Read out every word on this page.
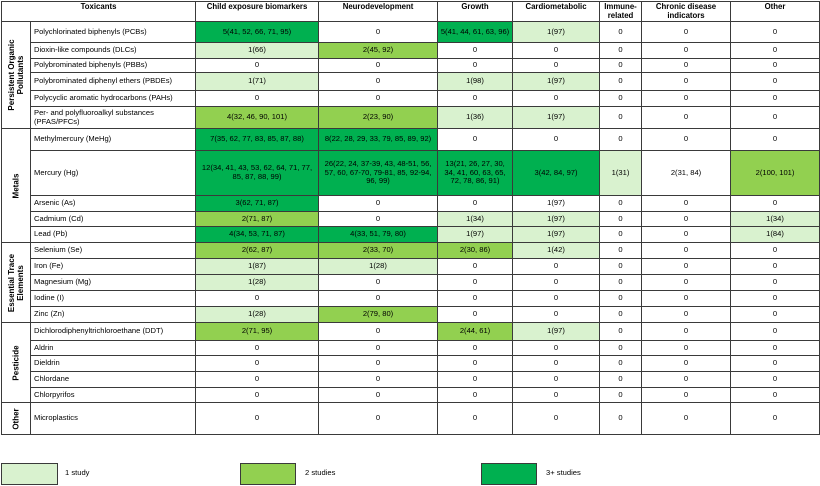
Toxicants		Child exposure biomarkers	Neurodevelopment	Growth	Cardiometabolic	Immune-related	Chronic disease indicators	Other

Persistent Organic Pollutants	Polychlorinated biphenyls (PCBs)	5(41, 52, 66, 71, 95)	0	5(41, 44, 61, 63, 96)	1(97)	0	0	0
	Dioxin-like compounds (DLCs)	1(66)	2(45, 92)	0	0	0	0	0
	Polybrominated biphenyls (PBBs)	0	0	0	0	0	0	0
	Polybrominated diphenyl ethers (PBDEs)	1(71)	0	1(98)	1(97)	0	0	0
	Polycyclic aromatic hydrocarbons (PAHs)	0	0	0	0	0	0	0
	Per- and polyfluoroalkyl substances (PFAS/PFCs)	4(32, 46, 90, 101)	2(23, 90)	1(36)	1(97)	0	0	0

Metals	Methylmercury (MeHg)	7(35, 62, 77, 83, 85, 87, 88)	8(22, 28, 29, 33, 79, 85, 89, 92)	0	0	0	0	0
	Mercury (Hg)	12(34, 41, 43, 53, 62, 64, 71, 77, 85, 87, 88, 99)	26(22, 24, 37-39, 43, 48-51, 56, 57, 60, 67-70, 79-81, 85, 92-94, 96, 99)	13(21, 26, 27, 30, 34, 41, 60, 63, 65, 72, 78, 86, 91)	3(42, 84, 97)	1(31)	2(31, 84)	2(100, 101)
	Arsenic (As)	3(62, 71, 87)	0	0	1(97)	0	0	0
	Cadmium (Cd)	2(71, 87)	0	1(34)	1(97)	0	0	1(34)
	Lead (Pb)	4(34, 53, 71, 87)	4(33, 51, 79, 80)	1(97)	1(97)	0	0	1(84)

Essential Trace Elements	Selenium (Se)	2(62, 87)	2(33, 70)	2(30, 86)	1(42)	0	0	0
	Iron (Fe)	1(87)	1(28)	0	0	0	0	0
	Magnesium (Mg)	1(28)	0	0	0	0	0	0
	Iodine (I)	0	0	0	0	0	0	0
	Zinc (Zn)	1(28)	2(79, 80)	0	0	0	0	0

Pesticide	Dichlorodiphenyltrichloroethane (DDT)	2(71, 95)	0	2(44, 61)	1(97)	0	0	0
	Aldrin	0	0	0	0	0	0	0
	Dieldrin	0	0	0	0	0	0	0
	Chlordane	0	0	0	0	0	0	0
	Chlorpyrifos	0	0	0	0	0	0	0

Other	Microplastics	0	0	0	0	0	0	0
1 study	2 studies	3+ studies
